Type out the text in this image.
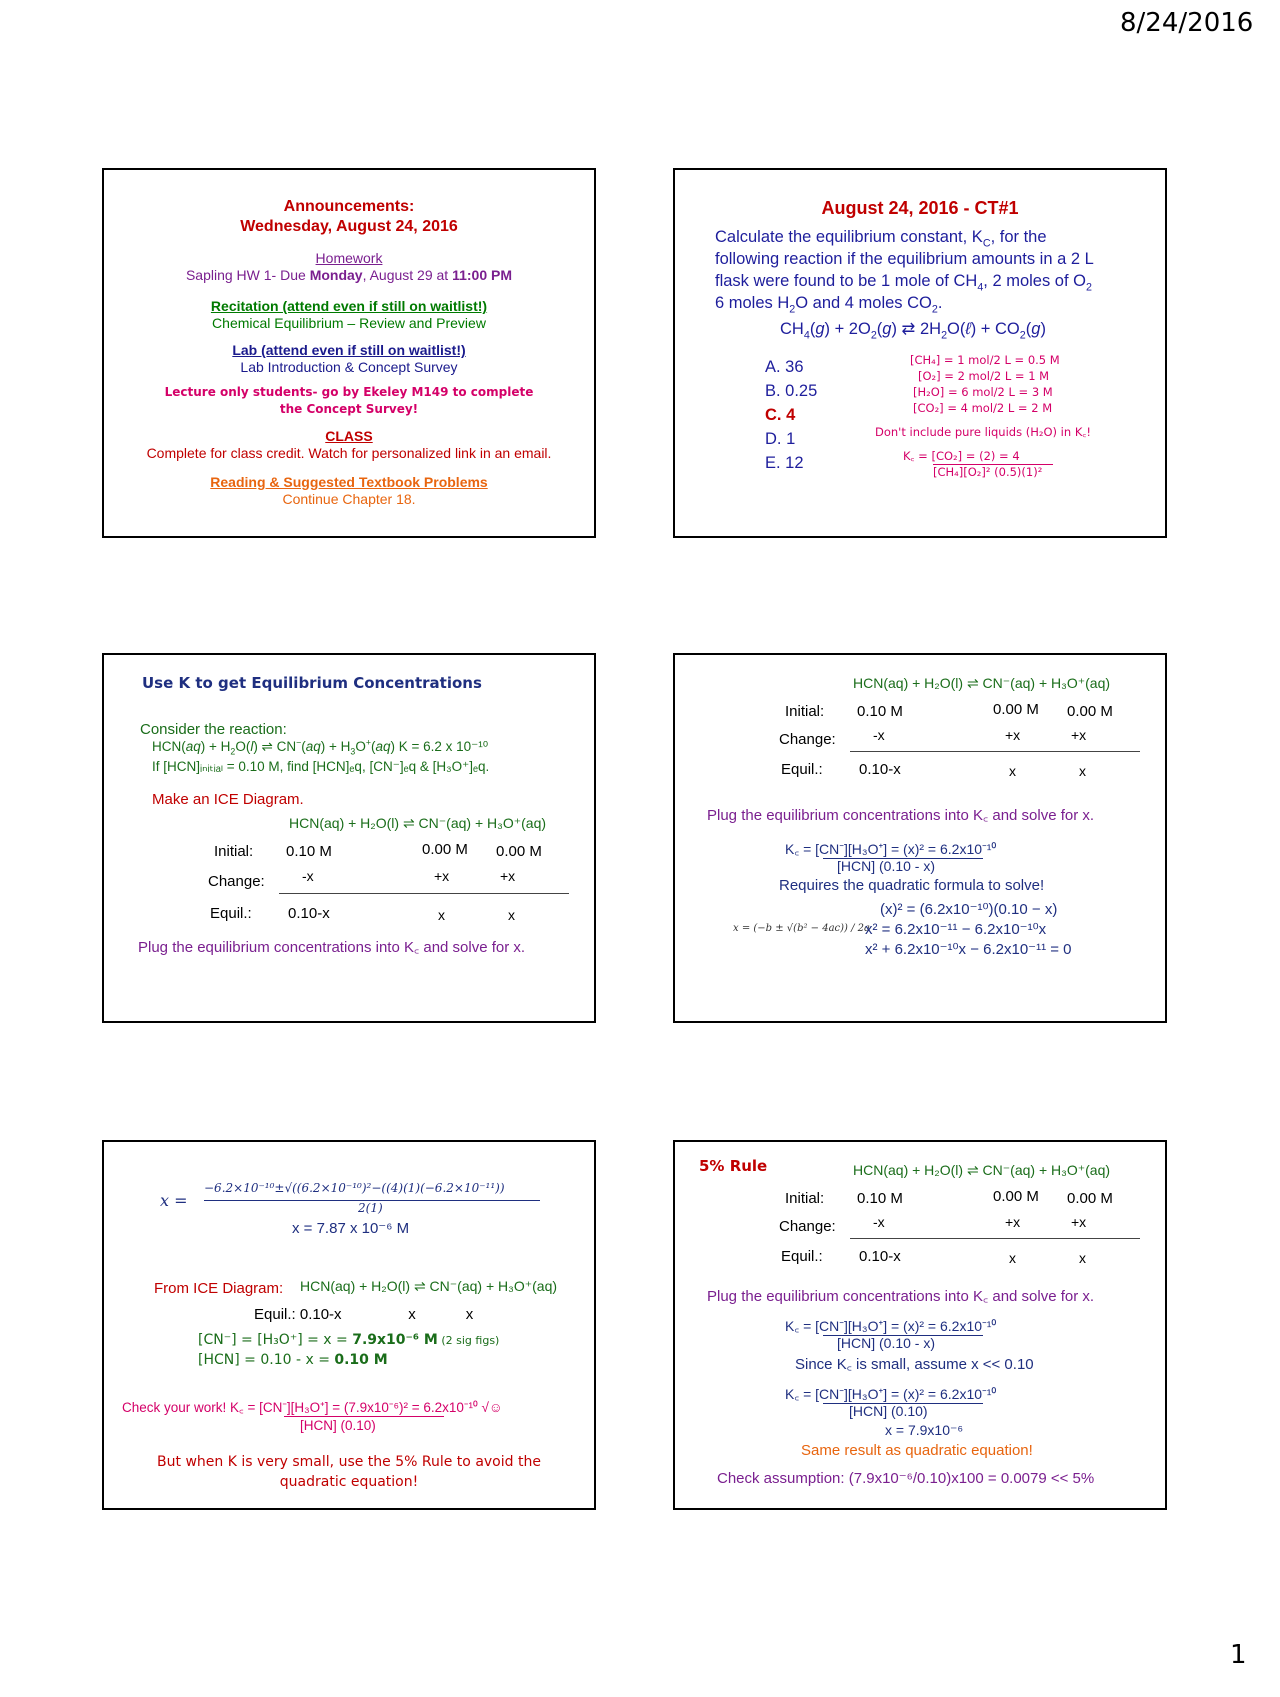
8/24/2016
Announcements:
Wednesday, August 24, 2016
Homework
Sapling HW 1- Due Monday, August 29 at 11:00 PM
Recitation (attend even if still on waitlist!)
Chemical Equilibrium – Review and Preview
Lab (attend even if still on waitlist!)
Lab Introduction & Concept Survey
Lecture only students- go by Ekeley M149 to complete
the Concept Survey!
CLASS
Complete for class credit. Watch for personalized link in an email.
Reading & Suggested Textbook Problems
Continue Chapter 18.
August 24, 2016 - CT#1
Calculate the equilibrium constant, $K_C$, for the
following reaction if the equilibrium amounts in a 2 L
flask were found to be 1 mole of $CH_4$, 2 moles of $O_2$
6 moles $H_2O$ and 4 moles $CO_2$.
$CH_4(g) + 2O_2(g)$ ⇄ $2H_2O(\ell) + CO_2(g)$
A. 36
B. 0.25
C. 4
D. 1
E. 12
[CH₄] = 1 mol/2 L = 0.5 M
[O₂] = 2 mol/2 L = 1 M
[H₂O] = 6 mol/2 L = 3 M
[CO₂] = 4 mol/2 L = 2 M
Don't include pure liquids (H₂O) in K꜀!
K꜀ = [CO₂] = (2) = 4
[CH₄][O₂]² (0.5)(1)²
Use K to get Equilibrium Concentrations
Consider the reaction:
$HCN(aq) + H_2O(l)$ ⇌ $CN^-(aq) + H_3O^+(aq) K = 6.2$ x 10⁻¹⁰
If [HCN]ᵢₙᵢₜᵢₐₗ = 0.10 M, find [HCN]ₑq, [CN⁻]ₑq & [H₃O⁺]ₑq.
Make an ICE Diagram.
HCN(aq) + H₂O(l) ⇌ CN⁻(aq) + H₃O⁺(aq)
Initial: 0.10 M	0.00 M 0.00 M
Change:	-x	+x	+x
Equil.: 0.10-x	x	x
Plug the equilibrium concentrations into K꜀ and solve for x.
HCN(aq) + H₂O(l) ⇌ CN⁻(aq) + H₃O⁺(aq)
Initial: 0.10 M	0.00 M 0.00 M
Change:	-x	+x	+x
Equil.: 0.10-x	x	x
Plug the equilibrium concentrations into K꜀ and solve for x.
K꜀ = [CN⁻][H₃O⁺] = (x)² = 6.2x10⁻¹⁰
[HCN] (0.10 - x)
Requires the quadratic formula to solve!
x = (−b ± √(b² − 4ac)) / 2a
(x)² = (6.2x10⁻¹⁰)(0.10 − x)
x² = 6.2x10⁻¹¹ − 6.2x10⁻¹⁰x
x² + 6.2x10⁻¹⁰x − 6.2x10⁻¹¹ = 0
x =
−6.2×10⁻¹⁰±√((6.2×10⁻¹⁰)²−((4)(1)(−6.2×10⁻¹¹))
2(1)
x = 7.87 x 10⁻⁶ M
From ICE Diagram: HCN(aq) + H₂O(l) ⇌ CN⁻(aq) + H₃O⁺(aq)
Equil.: 0.10-x                x            x
[CN⁻] = [H₃O⁺] = x = 7.9x10⁻⁶ M (2 sig figs)
[HCN] = 0.10 - x = 0.10 M
Check your work! K꜀ = [CN⁻][H₃O⁺] = (7.9x10⁻⁶)² = 6.2x10⁻¹⁰ √☺
[HCN] (0.10)
But when K is very small, use the 5% Rule to avoid the
quadratic equation!
5% Rule	HCN(aq) + H₂O(l) ⇌ CN⁻(aq) + H₃O⁺(aq)
Initial: 0.10 M	0.00 M 0.00 M
Change:	-x	+x	+x
Equil.: 0.10-x	x	x
Plug the equilibrium concentrations into K꜀ and solve for x.
K꜀ = [CN⁻][H₃O⁺] = (x)² = 6.2x10⁻¹⁰
[HCN] (0.10 - x)
Since K꜀ is small, assume x << 0.10
K꜀ = [CN⁻][H₃O⁺] = (x)² = 6.2x10⁻¹⁰
[HCN] (0.10)
x = 7.9x10⁻⁶
Same result as quadratic equation!
Check assumption: (7.9x10⁻⁶/0.10)x100 = 0.0079 << 5%
1
